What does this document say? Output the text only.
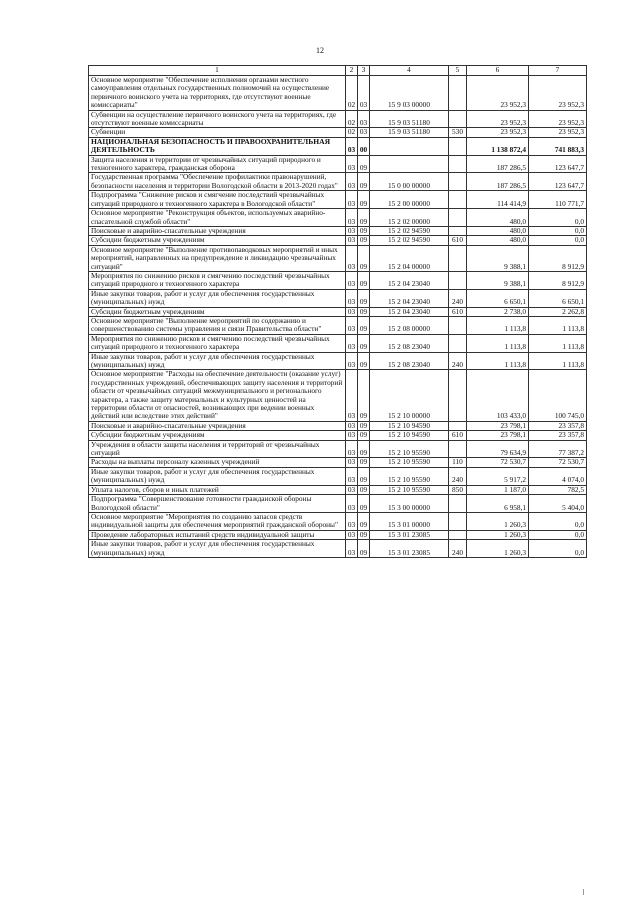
12
1	2	3	4	5	6	7
Основное мероприятие "Обеспечение исполнения органами местного самоуправления отдельных государственных полномочий на осуществление первичного воинского учета на территориях, где отсутствуют военные комиссариаты"	02	03	15 9 03 00000		23 952,3	23 952,3
Субвенции на осуществление первичного воинского учета на территориях, где отсутствуют военные комиссариаты	02	03	15 9 03 51180		23 952,3	23 952,3
Субвенции	02	03	15 9 03 51180	530	23 952,3	23 952,3
НАЦИОНАЛЬНАЯ БЕЗОПАСНОСТЬ И ПРАВООХРАНИТЕЛЬНАЯ ДЕЯТЕЛЬНОСТЬ	03	00			1 138 872,4	741 883,3
Защита населения и территории от чрезвычайных ситуаций природного и техногенного характера, гражданская оборона	03	09			187 286,5	123 647,7
Государственная программа "Обеспечение профилактики правонарушений, безопасности населения и территории Вологодской области в 2013-2020 годах"	03	09	15 0 00 00000		187 286,5	123 647,7
Подпрограмма "Снижение рисков и смягчение последствий чрезвычайных ситуаций природного и техногенного характера в Вологодской области"	03	09	15 2 00 00000		114 414,9	110 771,7
Основное мероприятие "Реконструкция объектов, используемых аварийно-спасательной службой области"	03	09	15 2 02 00000		480,0	0,0
Поисковые и аварийно-спасательные учреждения	03	09	15 2 02 94590		480,0	0,0
Субсидии бюджетным учреждениям	03	09	15 2 02 94590	610	480,0	0,0
Основное мероприятие "Выполнение противопаводковых мероприятий и иных мероприятий, направленных на предупреждение и ликвидацию чрезвычайных ситуаций"	03	09	15 2 04 00000		9 388,1	8 912,9
Мероприятия по снижению рисков и смягчению последствий чрезвычайных ситуаций природного и техногенного характера	03	09	15 2 04 23040		9 388,1	8 912,9
Иные закупки товаров, работ и услуг для обеспечения государственных (муниципальных) нужд	03	09	15 2 04 23040	240	6 650,1	6 650,1
Субсидии бюджетным учреждениям	03	09	15 2 04 23040	610	2 738,0	2 262,8
Основное мероприятие "Выполнение мероприятий по содержанию и совершенствованию системы управления и связи Правительства области"	03	09	15 2 08 00000		1 113,8	1 113,8
Мероприятия по снижению рисков и смягчению последствий чрезвычайных ситуаций природного и техногенного характера	03	09	15 2 08 23040		1 113,8	1 113,8
Иные закупки товаров, работ и услуг для обеспечения государственных (муниципальных) нужд	03	09	15 2 08 23040	240	1 113,8	1 113,8
Основное мероприятие "Расходы на обеспечение деятельности (оказание услуг) государственных учреждений, обеспечивающих защиту населения и территорий области от чрезвычайных ситуаций межмуниципального и регионального характера, а также защиту материальных и культурных ценностей на территории области от опасностей, возникающих при ведении военных действий или вследствие этих действий"	03	09	15 2 10 00000		103 433,0	100 745,0
Поисковые и аварийно-спасательные учреждения	03	09	15 2 10 94590		23 798,1	23 357,8
Субсидии бюджетным учреждениям	03	09	15 2 10 94590	610	23 798,1	23 357,8
Учреждения в области защиты населения и территорий от чрезвычайных ситуаций	03	09	15 2 10 95590		79 634,9	77 387,2
Расходы на выплаты персоналу казенных учреждений	03	09	15 2 10 95590	110	72 530,7	72 530,7
Иные закупки товаров, работ и услуг для обеспечения государственных (муниципальных) нужд	03	09	15 2 10 95590	240	5 917,2	4 074,0
Уплата налогов, сборов и иных платежей	03	09	15 2 10 95590	850	1 187,0	782,5
Подпрограмма "Совершенствование готовности гражданской обороны Вологодской области"	03	09	15 3 00 00000		6 958,1	5 404,0
Основное мероприятие "Мероприятия по созданию запасов средств индивидуальной защиты для обеспечения мероприятий гражданской обороны"	03	09	15 3 01 00000		1 260,3	0,0
Проведение лабораторных испытаний средств индивидуальной защиты	03	09	15 3 01 23085		1 260,3	0,0
Иные закупки товаров, работ и услуг для обеспечения государственных (муниципальных) нужд	03	09	15 3 01 23085	240	1 260,3	0,0
